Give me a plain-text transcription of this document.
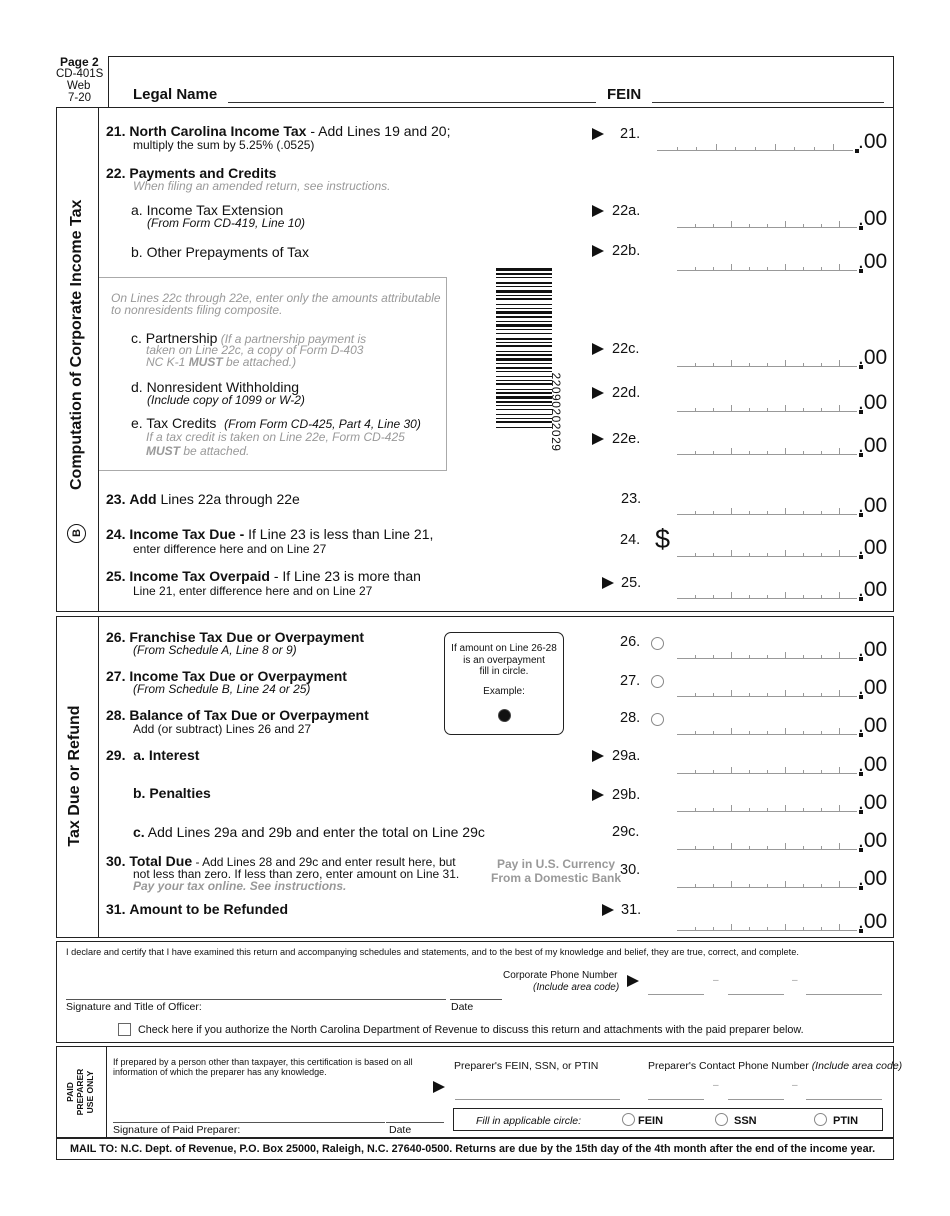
Page 2
CD-401S
Web
7-20	Legal Name	FEIN
Computation of Corporate Income Tax
B
21. North Carolina Income Tax - Add Lines 19 and 20;
multiply the sum by 5.25% (.0525)
21.	.00
22. Payments and Credits
When filing an amended return, see instructions.
a. Income Tax Extension
(From Form CD-419, Line 10)
22a.	.00
b. Other Prepayments of Tax	22b.	.00
On Lines 22c through 22e, enter only the amounts attributable
to nonresidents filing composite.
c. Partnership (If a partnership payment is
taken on Line 22c, a copy of Form D-403
NC K-1 MUST be attached.)
22c.	.00
d. Nonresident Withholding
(Include copy of 1099 or W-2)	22d.	.00
e. Tax Credits (From Form CD-425, Part 4, Line 30)
If a tax credit is taken on Line 22e, Form CD-425
MUST be attached.
22e.	.00
23. Add Lines 22a through 22e	23.	.00
24. Income Tax Due - If Line 23 is less than Line 21,
enter difference here and on Line 27
24. $	.00
25. Income Tax Overpaid - If Line 23 is more than
Line 21, enter difference here and on Line 27	25.	.00
22090202029
Tax Due or Refund
26. Franchise Tax Due or Overpayment
(From Schedule A, Line 8 or 9)	26.	.00
27. Income Tax Due or Overpayment
(From Schedule B, Line 24 or 25)	27.	.00
28. Balance of Tax Due or Overpayment
Add (or subtract) Lines 26 and 27
28.	.00
If amount on Line 26-28
is an overpayment
fill in circle.
Example:
29. a. Interest	29a.	.00
b. Penalties	29b.	.00
c. Add Lines 29a and 29b and enter the total on Line 29c	29c.	.00
30. Total Due - Add Lines 28 and 29c and enter result here, but
not less than zero. If less than zero, enter amount on Line 31.
Pay your tax online. See instructions.
Pay in U.S. Currency
From a Domestic Bank
30.	.00
31. Amount to be Refunded	31.	.00
I declare and certify that I have examined this return and accompanying schedules and statements, and to the best of my knowledge and belief, they are true, correct, and complete.
Corporate Phone Number
(Include area code)
–	–
Signature and Title of Officer:	Date
Check here if you authorize the North Carolina Department of Revenue to discuss this return and attachments with the paid preparer below.
PAID PREPARER USE ONLY
If prepared by a person other than taxpayer, this certification is based on all
information of which the preparer has any knowledge.
Signature of Paid Preparer:	Date
Preparer's FEIN, SSN, or PTIN	Preparer's Contact Phone Number (Include area code)
–	–
Fill in applicable circle:	FEIN	SSN	PTIN
MAIL TO: N.C. Dept. of Revenue, P.O. Box 25000, Raleigh, N.C. 27640-0500. Returns are due by the 15th day of the 4th month after the end of the income year.
